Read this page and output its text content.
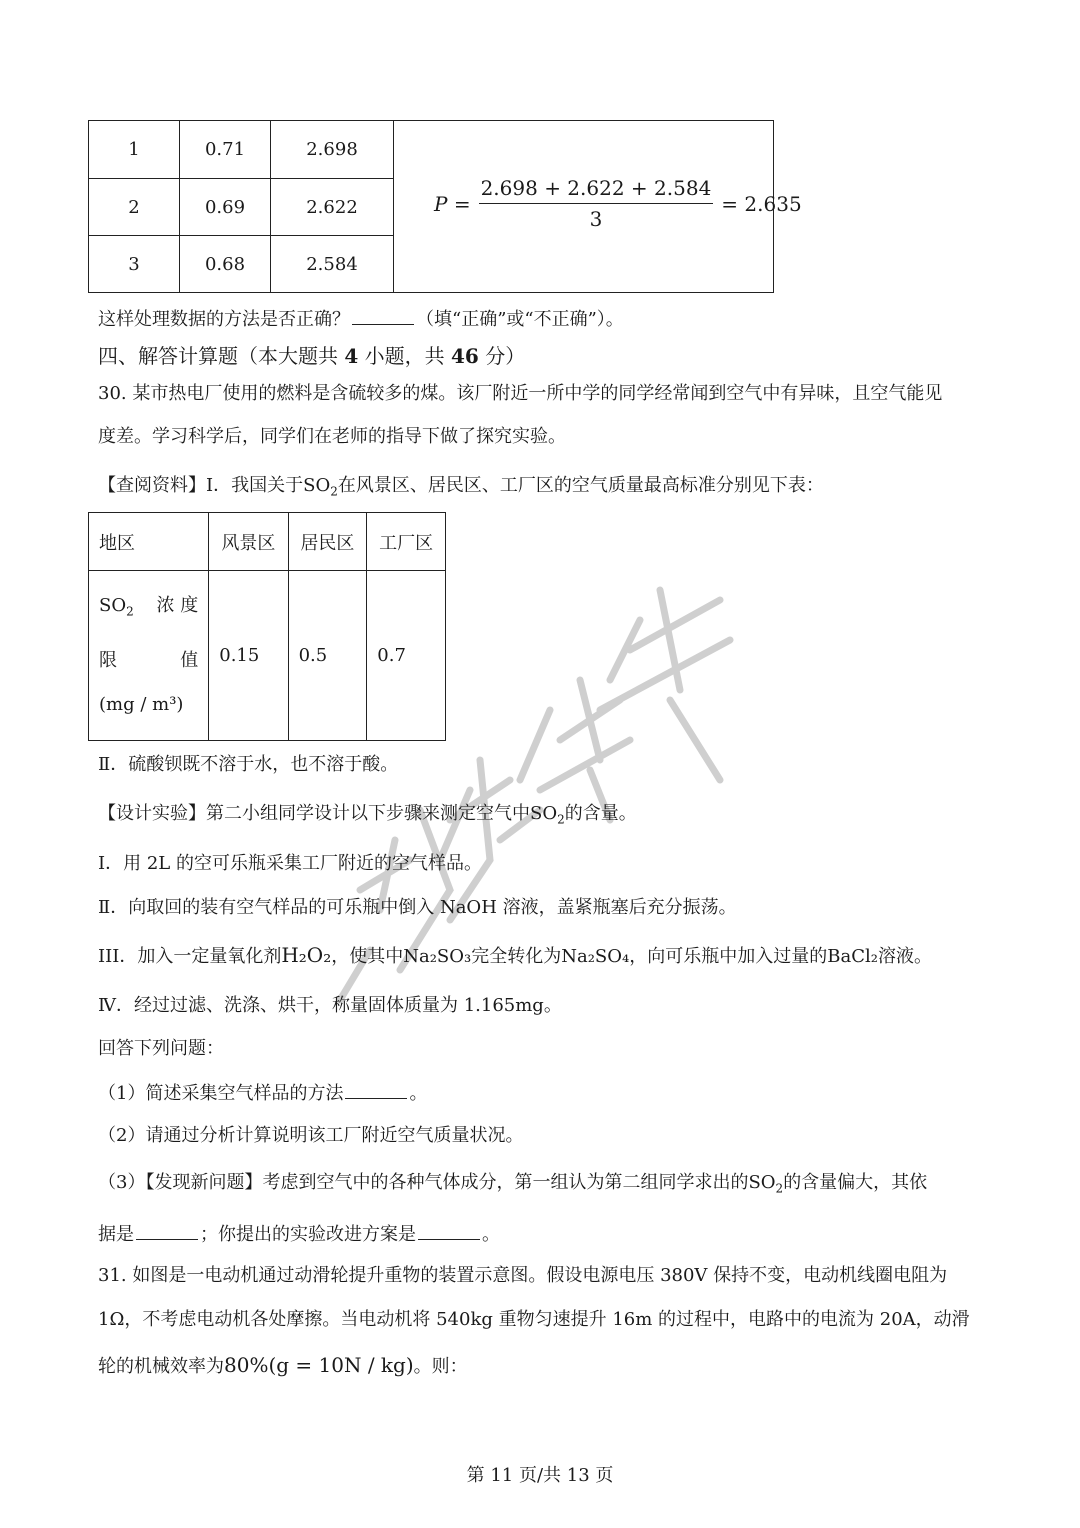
1	0.71	2.698	
2	0.69	2.622	
3	0.68	2.584	
$P = \frac{2.698 + 2.622 + 2.584}{3} = 2.635$
这样处理数据的方法是否正确？	（填“正确”或“不正确”）。
四、解答计算题（本大题共 4 小题，共 46 分）
30. 某市热电厂使用的燃料是含硫较多的煤。该厂附近一所中学的同学经常闻到空气中有异味，且空气能见
度差。学习科学后，同学们在老师的指导下做了探究实验。
【查阅资料】Ⅰ．我国关于$SO_2$在风景区、居民区、工厂区的空气质量最高标准分别见下表：
地区	风景区	居民区	工厂区

$SO_2$ 浓 度
限 值
(mg / m³)	0.15	0.5	0.7
Ⅱ．硫酸钡既不溶于水，也不溶于酸。
【设计实验】第二小组同学设计以下步骤来测定空气中$SO_2$的含量。
Ⅰ．用 2L 的空可乐瓶采集工厂附近的空气样品。
Ⅱ．向取回的装有空气样品的可乐瓶中倒入 NaOH 溶液，盖紧瓶塞后充分振荡。
III．加入一定量氧化剂H₂O₂，使其中Na₂SO₃完全转化为Na₂SO₄，向可乐瓶中加入过量的BaCl₂溶液。
Ⅳ．经过过滤、洗涤、烘干，称量固体质量为 1.165mg。
回答下列问题：
（1）简述采集空气样品的方法	。
（2）请通过分析计算说明该工厂附近空气质量状况。
（3）【发现新问题】考虑到空气中的各种气体成分，第一组认为第二组同学求出的$SO_2$的含量偏大，其依
据是	；你提出的实验改进方案是	。
31. 如图是一电动机通过动滑轮提升重物的装置示意图。假设电源电压 380V 保持不变，电动机线圈电阻为
1Ω，不考虑电动机各处摩擦。当电动机将 540kg 重物匀速提升 16m 的过程中，电路中的电流为 20A，动滑
轮的机械效率为80%(g = 10N / kg)。则：
第 11 页/共 13 页
